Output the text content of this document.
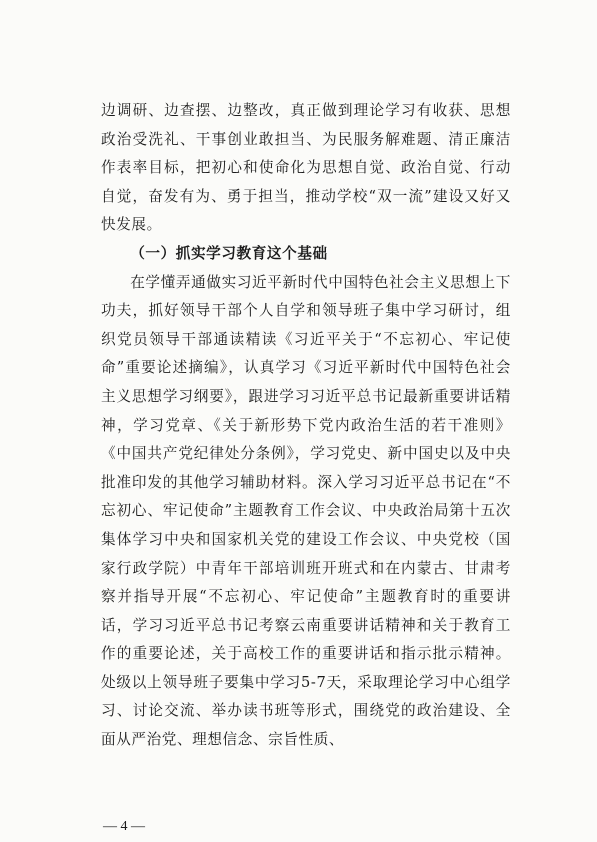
边调研、边查摆、边整改，真正做到理论学习有收获、思想政治受洗礼、干事创业敢担当、为民服务解难题、清正廉洁作表率目标，把初心和使命化为思想自觉、政治自觉、行动自觉，奋发有为、勇于担当，推动学校“双一流”建设又好又快发展。

（一）抓实学习教育这个基础

在学懂弄通做实习近平新时代中国特色社会主义思想上下功夫，抓好领导干部个人自学和领导班子集中学习研讨，组织党员领导干部通读精读《习近平关于“不忘初心、牢记使命”重要论述摘编》，认真学习《习近平新时代中国特色社会主义思想学习纲要》，跟进学习习近平总书记最新重要讲话精神，学习党章、《关于新形势下党内政治生活的若干准则》《中国共产党纪律处分条例》，学习党史、新中国史以及中央批准印发的其他学习辅助材料。深入学习习近平总书记在“不忘初心、牢记使命”主题教育工作会议、中央政治局第十五次集体学习中央和国家机关党的建设工作会议、中央党校（国家行政学院）中青年干部培训班开班式和在内蒙古、甘肃考察并指导开展“不忘初心、牢记使命”主题教育时的重要讲话，学习习近平总书记考察云南重要讲话精神和关于教育工作的重要论述，关于高校工作的重要讲话和指示批示精神。处级以上领导班子要集中学习5-7天，采取理论学习中心组学习、讨论交流、举办读书班等形式，围绕党的政治建设、全面从严治党、理想信念、宗旨性质、

— 4 —
